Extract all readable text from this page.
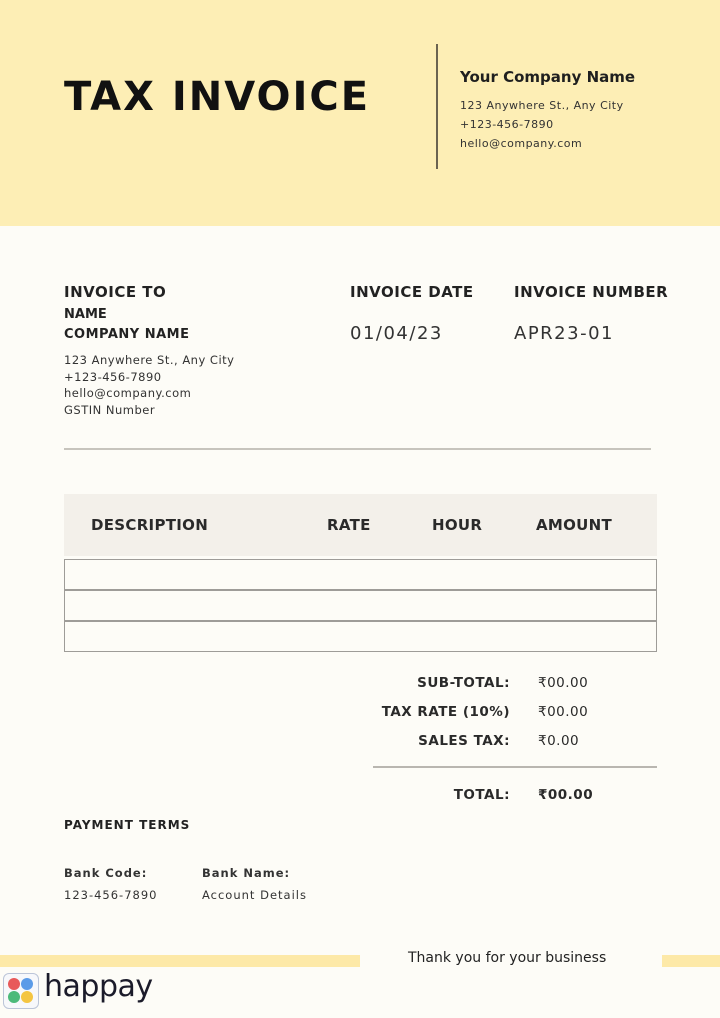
TAX INVOICE	Your Company Name
123 Anywhere St., Any City
+123-456-7890
hello@company.com
INVOICE TO
NAME
COMPANY NAME
123 Anywhere St., Any City
+123-456-7890
hello@company.com
GSTIN Number
INVOICE DATE
01/04/23
INVOICE NUMBER
APR23-01
DESCRIPTION	RATE	HOUR	AMOUNT
SUB-TOTAL: ₹00.00
TAX RATE (10%) ₹00.00
SALES TAX: ₹0.00
TOTAL: ₹00.00
PAYMENT TERMS
Bank Code:
123-456-7890
Bank Name:
Account Details
Thank you for your business
happay
